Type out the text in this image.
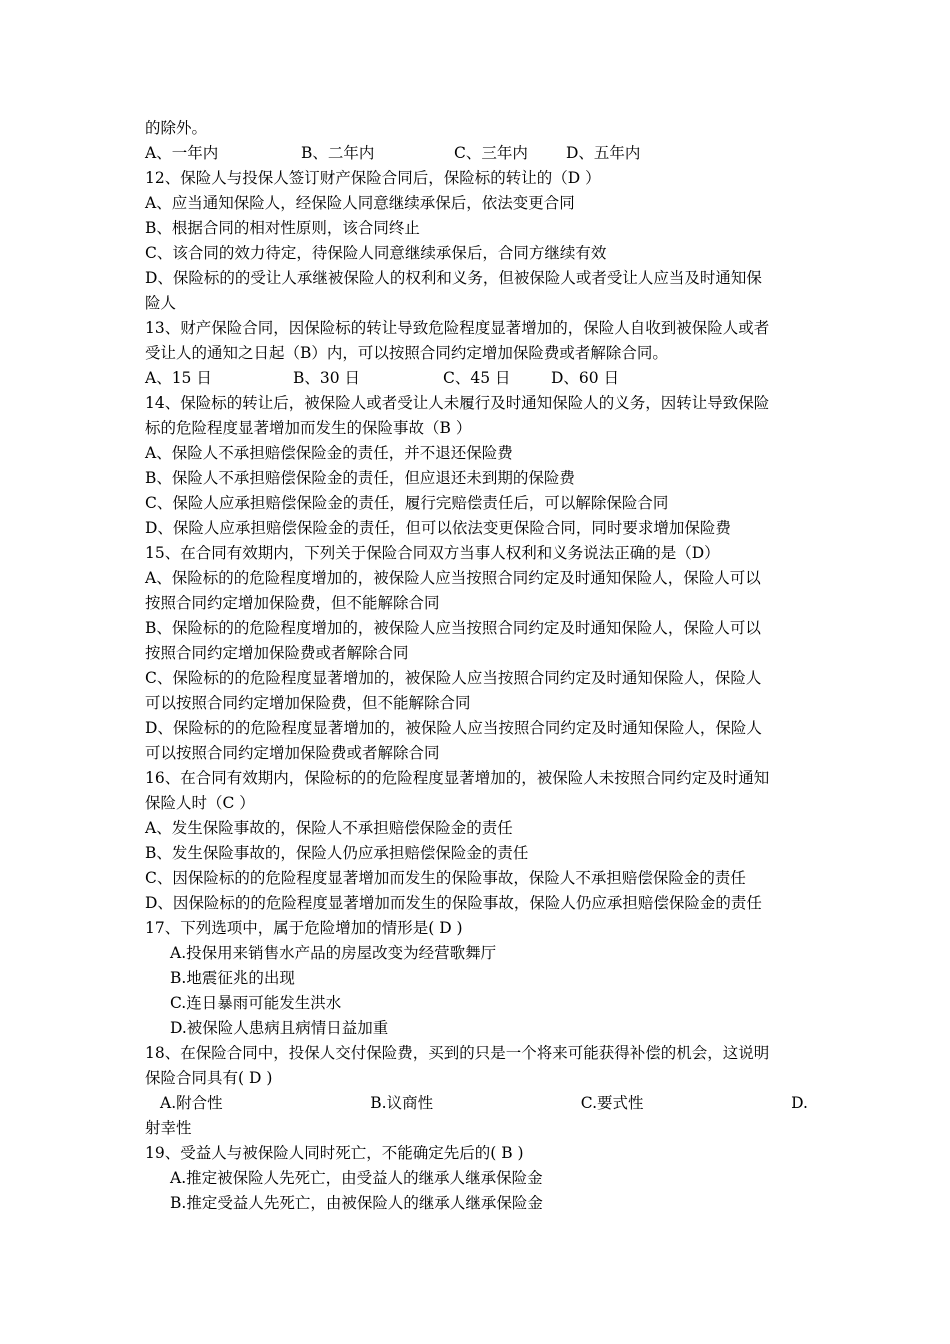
的除外。
A、一年内	B、二年内	C、三年内	D、五年内
12、保险人与投保人签订财产保险合同后，保险标的转让的（D ）
A、应当通知保险人，经保险人同意继续承保后，依法变更合同
B、根据合同的相对性原则，该合同终止
C、该合同的效力待定，待保险人同意继续承保后，合同方继续有效
D、保险标的的受让人承继被保险人的权利和义务，但被保险人或者受让人应当及时通知保
险人
13、财产保险合同，因保险标的转让导致危险程度显著增加的，保险人自收到被保险人或者
受让人的通知之日起（B）内，可以按照合同约定增加保险费或者解除合同。
A、15 日	B、30 日	C、45 日	D、60 日
14、保险标的转让后，被保险人或者受让人未履行及时通知保险人的义务，因转让导致保险
标的危险程度显著增加而发生的保险事故（B ）
A、保险人不承担赔偿保险金的责任，并不退还保险费
B、保险人不承担赔偿保险金的责任，但应退还未到期的保险费
C、保险人应承担赔偿保险金的责任，履行完赔偿责任后，可以解除保险合同
D、保险人应承担赔偿保险金的责任，但可以依法变更保险合同，同时要求增加保险费
15、在合同有效期内，下列关于保险合同双方当事人权利和义务说法正确的是（D）
A、保险标的的危险程度增加的，被保险人应当按照合同约定及时通知保险人，保险人可以
按照合同约定增加保险费，但不能解除合同
B、保险标的的危险程度增加的，被保险人应当按照合同约定及时通知保险人，保险人可以
按照合同约定增加保险费或者解除合同
C、保险标的的危险程度显著增加的，被保险人应当按照合同约定及时通知保险人，保险人
可以按照合同约定增加保险费，但不能解除合同
D、保险标的的危险程度显著增加的，被保险人应当按照合同约定及时通知保险人，保险人
可以按照合同约定增加保险费或者解除合同
16、在合同有效期内，保险标的的危险程度显著增加的，被保险人未按照合同约定及时通知
保险人时（C ）
A、发生保险事故的，保险人不承担赔偿保险金的责任
B、发生保险事故的，保险人仍应承担赔偿保险金的责任
C、因保险标的的危险程度显著增加而发生的保险事故，保险人不承担赔偿保险金的责任
D、因保险标的的危险程度显著增加而发生的保险事故，保险人仍应承担赔偿保险金的责任
17、下列选项中，属于危险增加的情形是( D )
A.投保用来销售水产品的房屋改变为经营歌舞厅
B.地震征兆的出现
C.连日暴雨可能发生洪水
D.被保险人患病且病情日益加重
18、在保险合同中，投保人交付保险费，买到的只是一个将来可能获得补偿的机会，这说明
保险合同具有( D )
A.附合性	B.议商性	C.要式性	D.
射幸性
19、受益人与被保险人同时死亡，不能确定先后的( B )
A.推定被保险人先死亡，由受益人的继承人继承保险金
B.推定受益人先死亡，由被保险人的继承人继承保险金
